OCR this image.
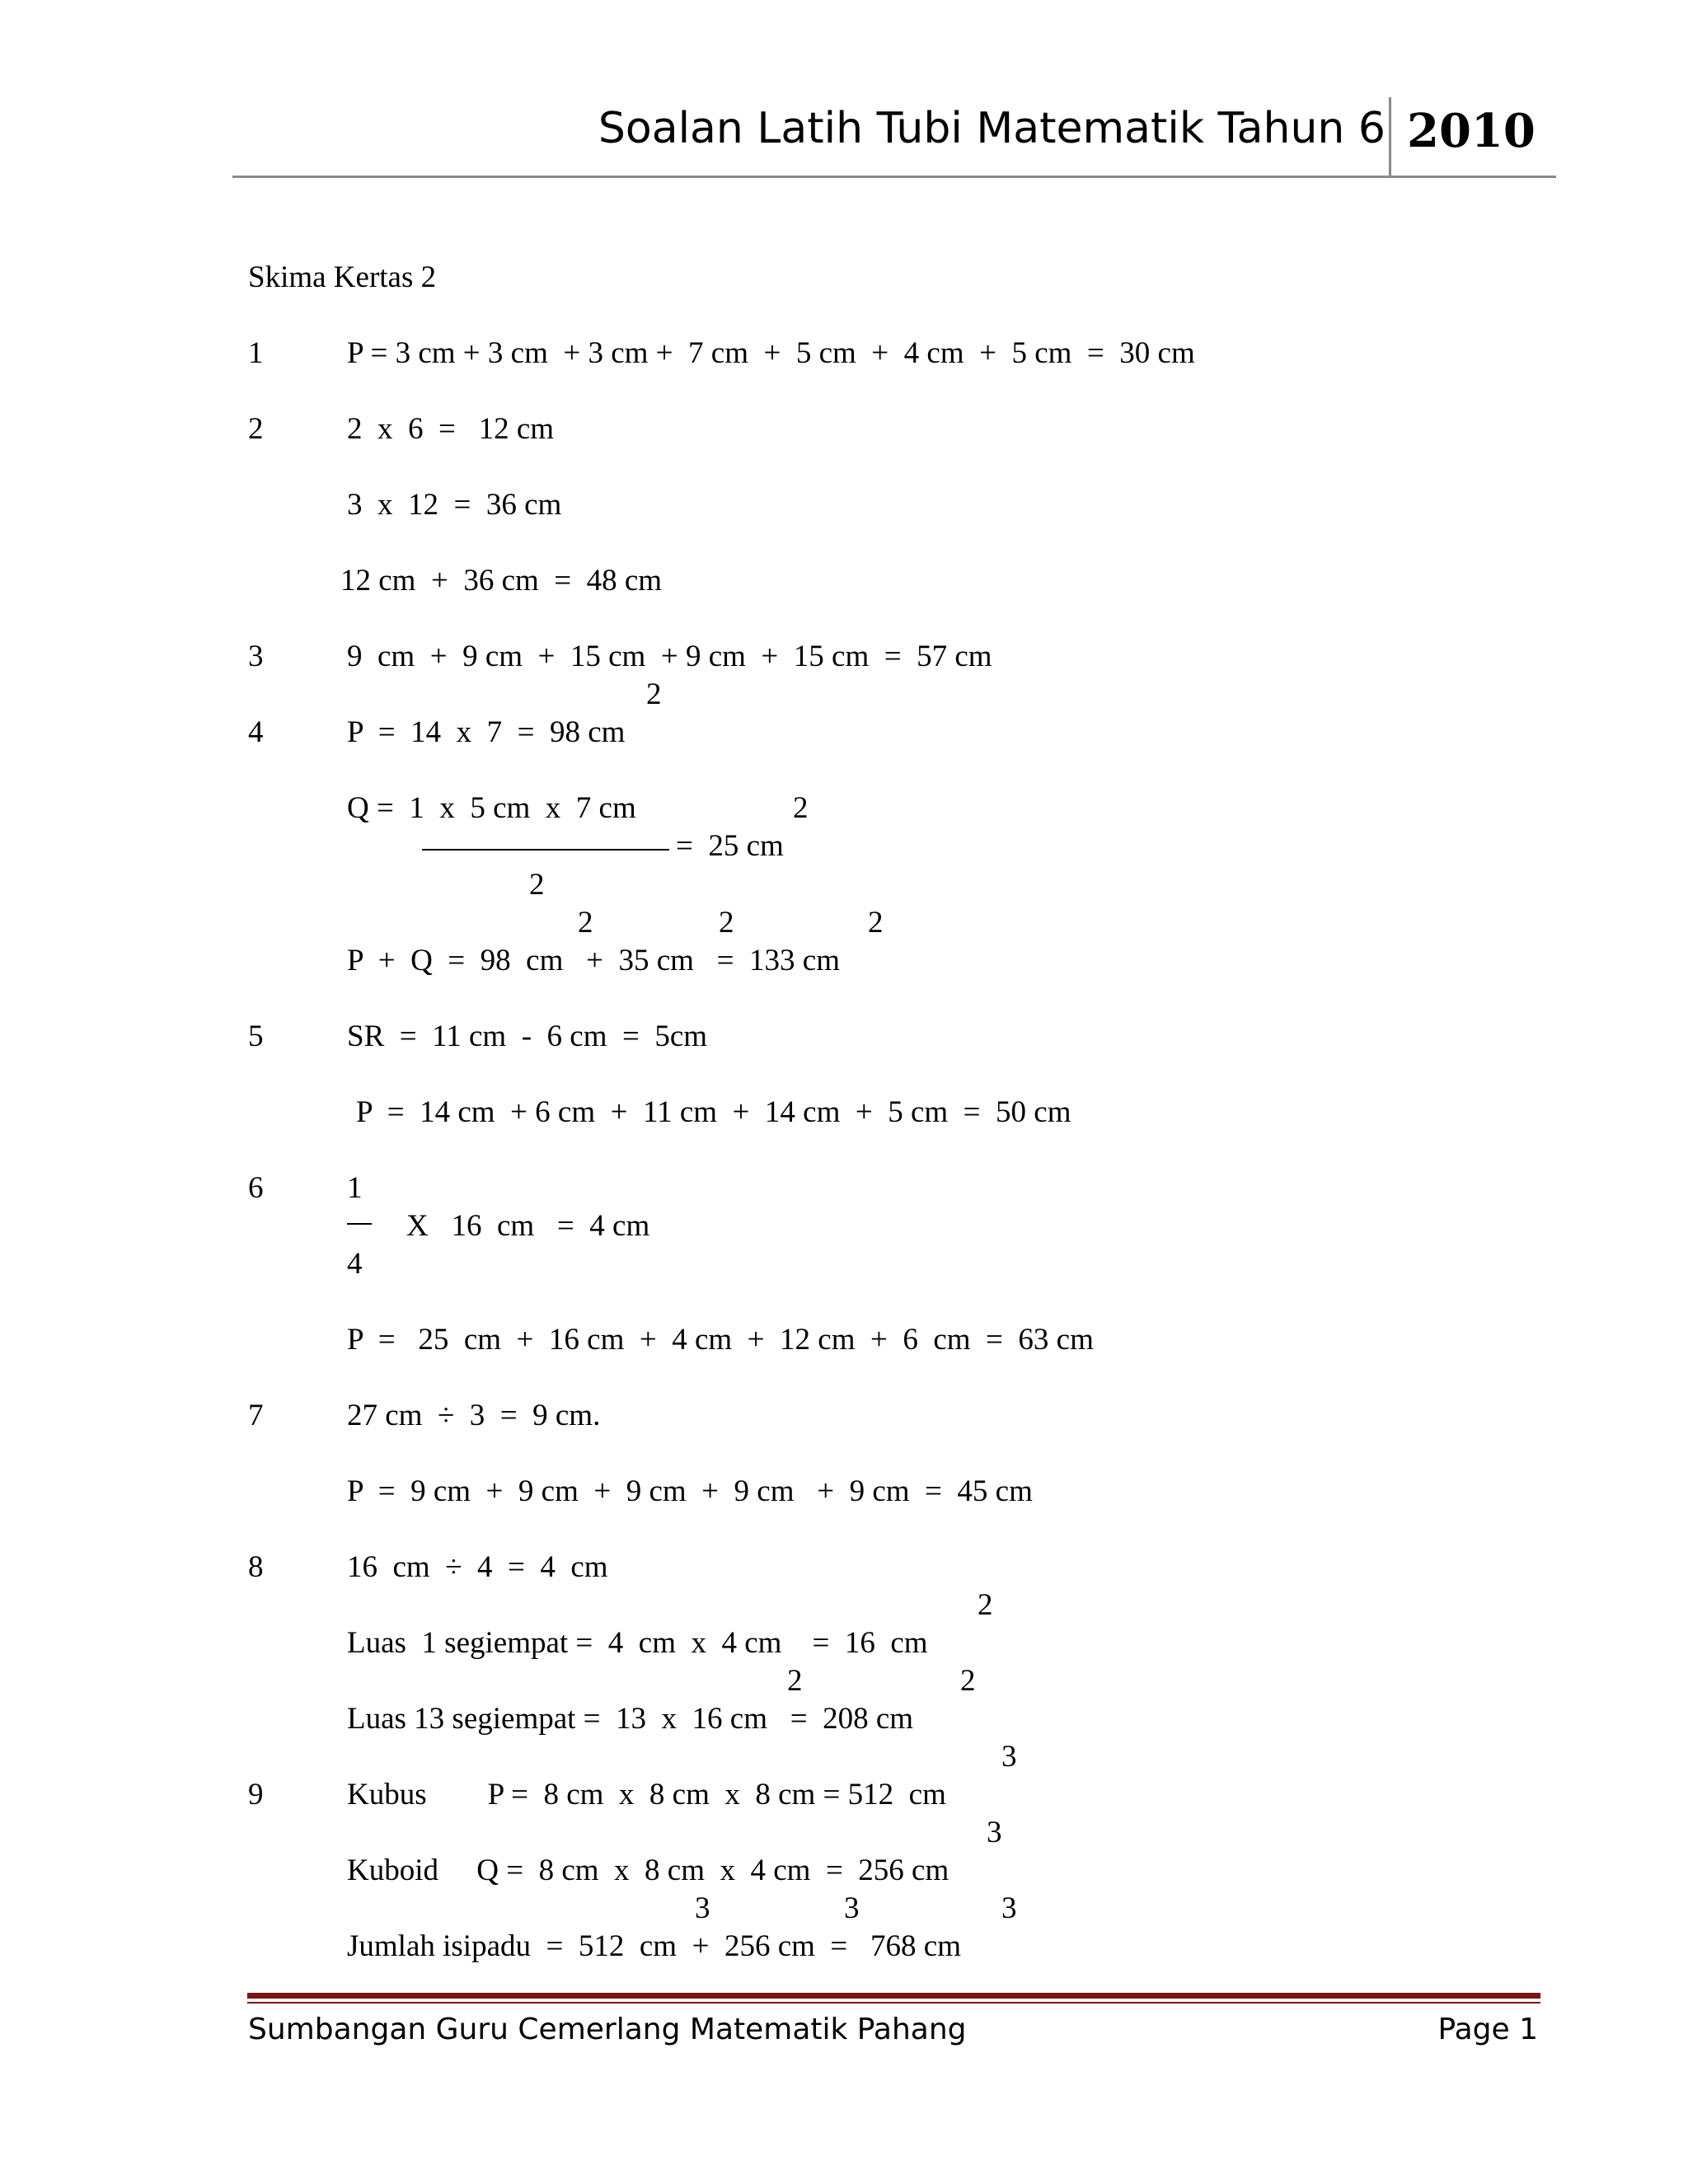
Soalan Latih Tubi Matematik Tahun 6 2010
Skima Kertas 2
1	P = 3 cm + 3 cm  + 3 cm +  7 cm  +  5 cm  +  4 cm  +  5 cm  =  30 cm
2	2  x  6  =   12 cm
3  x  12  =  36 cm
12 cm  +  36 cm  =  48 cm
3	9  cm  +  9 cm  +  15 cm  + 9 cm  +  15 cm  =  57 cm
2
4	P  =  14  x  7  =  98 cm
Q =  1  x  5 cm  x  7 cm	2
=  25 cm
2
2	2	2
P  +  Q  =  98  cm   +  35 cm   =  133 cm
5	SR  =  11 cm  -  6 cm  =  5cm
P  =  14 cm  + 6 cm  +  11 cm  +  14 cm  +  5 cm  =  50 cm
6	1
X   16  cm   =  4 cm
4
P  =   25  cm  +  16 cm  +  4 cm  +  12 cm  +  6  cm  =  63 cm
7	27 cm  ÷  3  =  9 cm.
P  =  9 cm  +  9 cm  +  9 cm  +  9 cm   +  9 cm  =  45 cm
8	16  cm  ÷  4  =  4  cm
2
Luas  1 segiempat =  4  cm  x  4 cm    =  16  cm
2	2
Luas 13 segiempat =  13  x  16 cm   =  208 cm
3
9	Kubus        P =  8 cm  x  8 cm  x  8 cm = 512  cm
3
Kuboid     Q =  8 cm  x  8 cm  x  4 cm  =  256 cm
3	3	3
Jumlah isipadu  =  512  cm  +  256 cm  =   768 cm
Sumbangan Guru Cemerlang Matematik Pahang	Page 1
